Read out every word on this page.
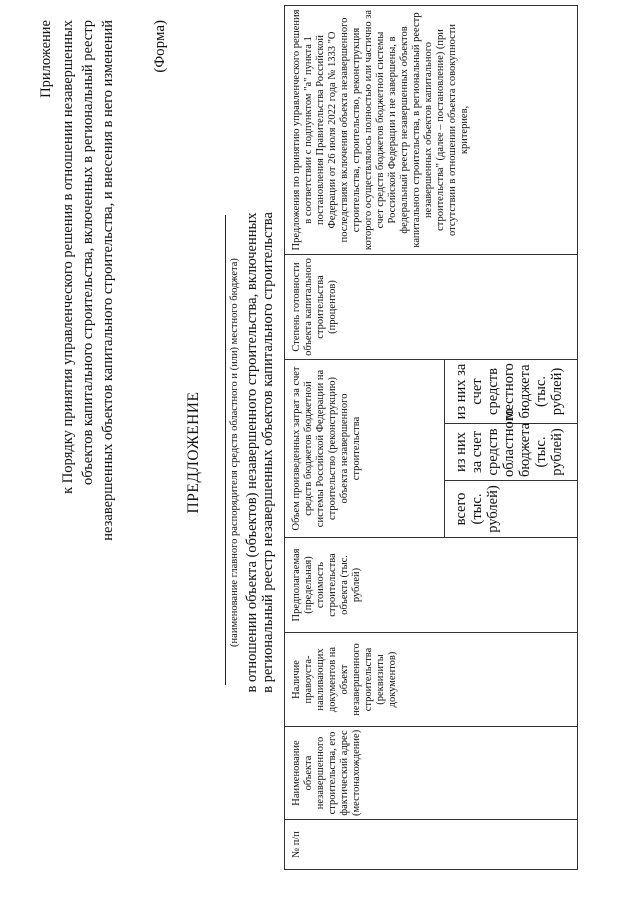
Приложение к Порядку принятия управленческого решения в отношении незавершенных объектов капитального строительства, включенных в региональный реестр незавершенных объектов капитального строительства, и внесения в него изменений (Форма)
ПРЕДЛОЖЕНИЕ	(наименование главного распорядителя средств областного и (или) местного бюджета) в отношении объекта (объектов) незавершенного строительства, включенных в региональный реестр незавершенных объектов капитального строительства
№ п/п	Наименование объекта незавершенного строительства, его фактический адрес (местонахождение)	Наличие правоуста-навливающих документов на объект незавершенного строительства (реквизиты документов)	Предполагаемая (предельная) стоимость строительства объекта (тыс. рублей)	Объем произведенных затрат за счет средств бюджетов бюджетной системы Российской Федерации на строительство (реконструкцию) объекта незавершенного строительства			Степень готовности объекта капитального строительства (процентов)	Предложения по принятию управленческого решения в соответствии с подпунктом "а" пункта 1 постановления Правительства Российской Федерации от 26 июля 2022 года № 1333 "О последствиях включения объекта незавершенного строительства, строительство, реконструкция которого осуществлялось полностью или частично за счет средств бюджетов бюджетной системы Российской Федерации и не завершены, в федеральный реестр незавершенных объектов капитального строительства, в региональный реестр незавершенных объектов капитального строительства" (далее – постановление) (при отсутствии в отношении объекта совокупности критериев,
				всего (тыс. рублей)	из них за счет средств областного бюджета (тыс. рублей)	из них за счет средств местного бюджета (тыс. рублей)		
